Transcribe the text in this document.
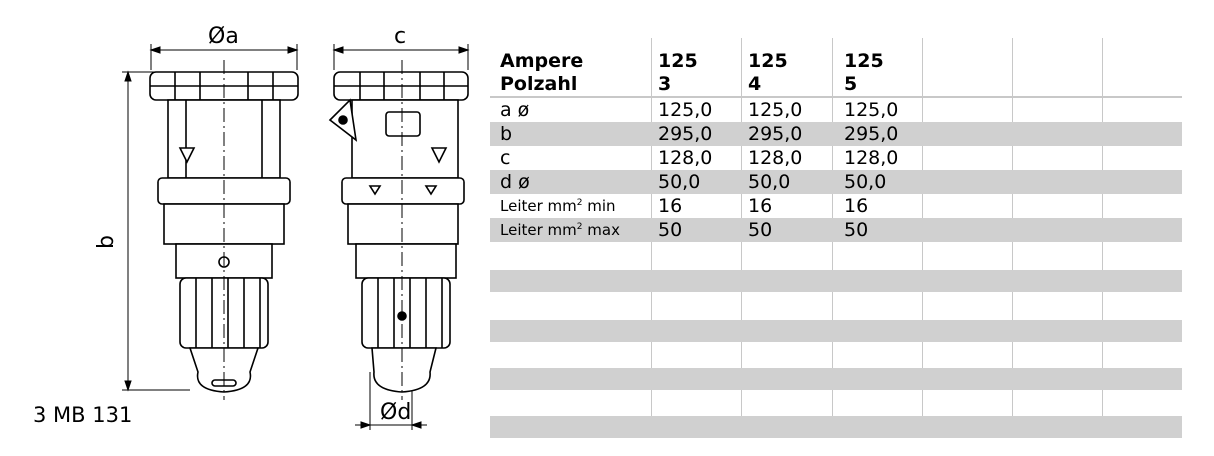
Øa	c
b
Ød
3 MB 131
Ampere	125	125	125
Polzahl	3	4	5
a ø	125,0 125,0 125,0
b	295,0 295,0 295,0
c	128,0 128,0 128,0
d ø	50,0	50,0	50,0
Leiter $mm^2$ min 16	16	16
Leiter $mm^2$ max 50	50	50
